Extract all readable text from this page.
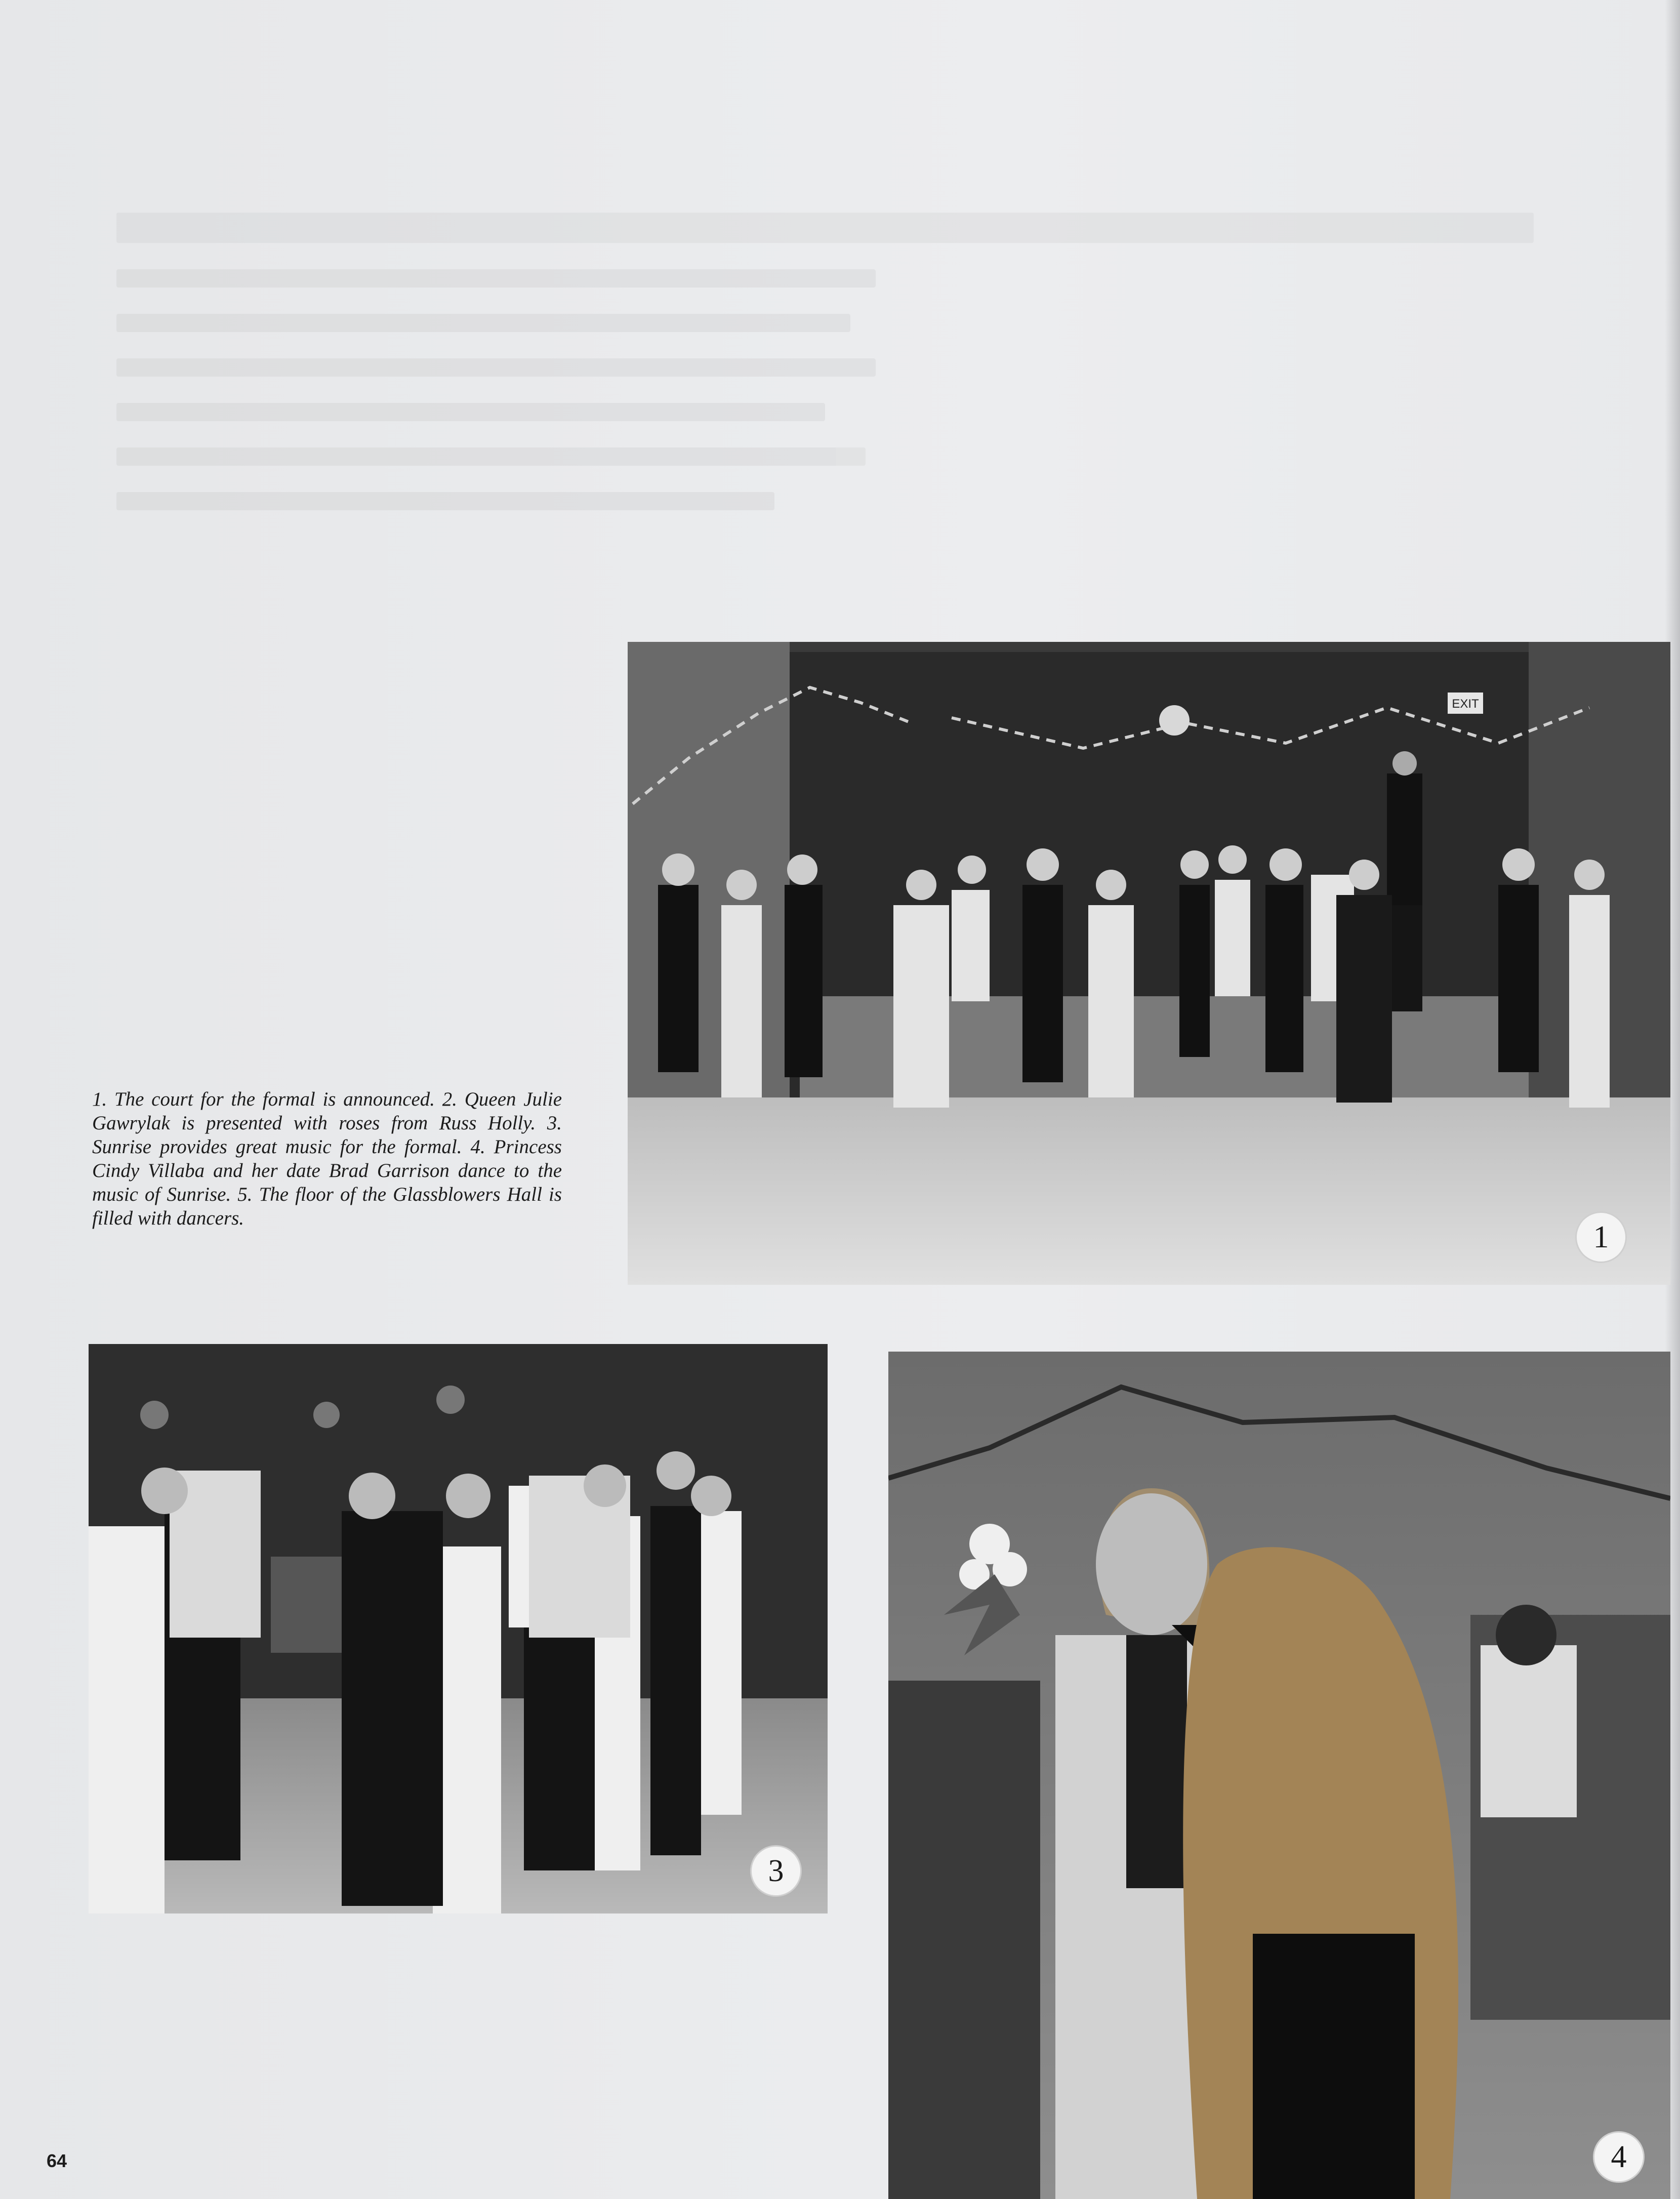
EXIT
1
1. The court for the formal is announced. 2. Queen Julie Gawrylak is presented with roses from Russ Holly. 3. Sunrise provides great music for the formal. 4. Princess Cindy Villaba and her date Brad Garrison dance to the music of Sunrise. 5. The floor of the Glassblowers Hall is filled with dancers.
3
4
64
